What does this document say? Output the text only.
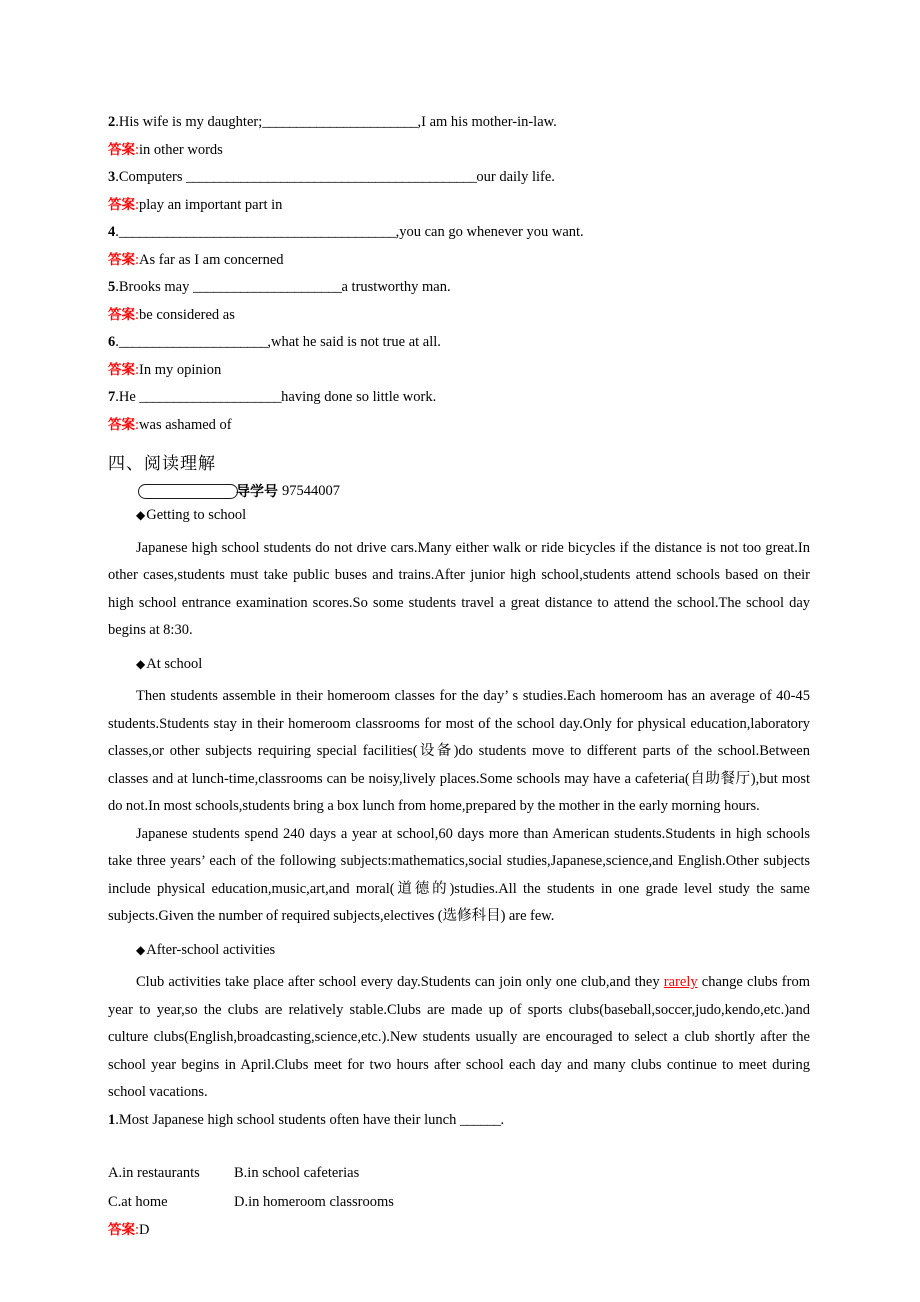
2.His wife is my daughter;_______________________,I am his mother-in-law.

答案:in other words

3.Computers ___________________________________________our daily life.

答案:play an important part in

4._________________________________________,you can go whenever you want.

答案:As far as I am concerned

5.Brooks may ______________________a trustworthy man.

答案:be considered as

6.______________________,what he said is not true at all.

答案:In my opinion

7.He _____________________having done so little work.

答案:was ashamed of

四、阅读理解
导学号 97544007

◆Getting to school

Japanese high school students do not drive cars.Many either walk or ride bicycles if the distance is not too great.In other cases,students must take public buses and trains.After junior high school,students attend schools based on their high school entrance examination scores.So some students travel a great distance to attend the school.The school day begins at 8:30.

◆At school

Then students assemble in their homeroom classes for the day’ s studies.Each homeroom has an average of 40-45 students.Students stay in their homeroom classrooms for most of the school day.Only for physical education,laboratory classes,or other subjects requiring special facilities(设备)do students move to different parts of the school.Between classes and at lunch-time,classrooms can be noisy,lively places.Some schools may have a cafeteria(自助餐厅),but most do not.In most schools,students bring a box lunch from home,prepared by the mother in the early morning hours.

Japanese students spend 240 days a year at school,60 days more than American students.Students in high schools take three years’ each of the following subjects:mathematics,social studies,Japanese,science,and English.Other subjects include physical education,music,art,and moral(道德的)studies.All the students in one grade level study the same subjects.Given the number of required subjects,electives (选修科目) are few.

◆After-school activities

Club activities take place after school every day.Students can join only one club,and they rarely change clubs from year to year,so the clubs are relatively stable.Clubs are made up of sports clubs(baseball,soccer,judo,kendo,etc.)and culture clubs(English,broadcasting,science,etc.).New students usually are encouraged to select a club shortly after the school year begins in April.Clubs meet for two hours after school each day and many clubs continue to meet during school vacations.

1.Most Japanese high school students often have their lunch ______.

A.in restaurants	B.in school cafeterias
C.at home	D.in homeroom classrooms

答案:D
